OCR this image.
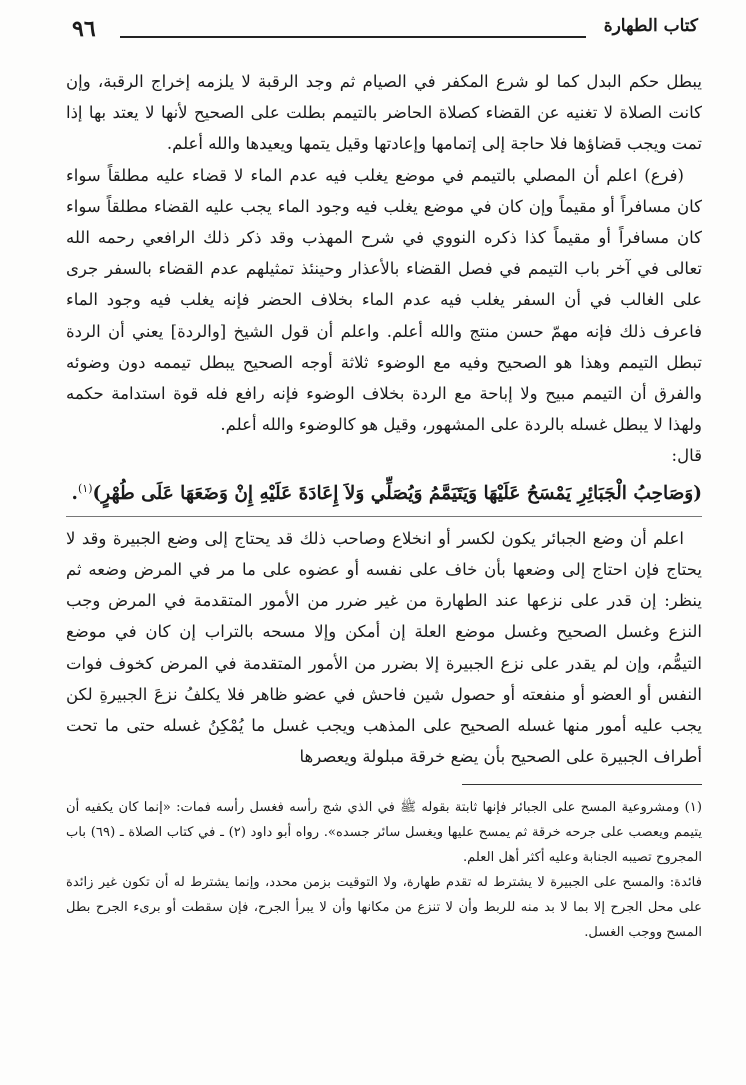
كتاب الطهارة
٩٦

يبطل حكم البدل كما لو شرع المكفر في الصيام ثم وجد الرقبة لا يلزمه إخراج الرقبة، وإن كانت الصلاة لا تغنيه عن القضاء كصلاة الحاضر بالتيمم بطلت على الصحيح لأنها لا يعتد بها إذا تمت ويجب قضاؤها فلا حاجة إلى إتمامها وإعادتها وقيل يتمها ويعيدها والله أعلم.

(فرع) اعلم أن المصلي بالتيمم في موضع يغلب فيه عدم الماء لا قضاء عليه مطلقاً سواء كان مسافراً أو مقيماً وإن كان في موضع يغلب فيه وجود الماء يجب عليه القضاء مطلقاً سواء كان مسافراً أو مقيماً كذا ذكره النووي في شرح المهذب وقد ذكر ذلك الرافعي رحمه الله تعالى في آخر باب التيمم في فصل القضاء بالأعذار وحينئذ تمثيلهم عدم القضاء بالسفر جرى على الغالب في أن السفر يغلب فيه عدم الماء بخلاف الحضر فإنه يغلب فيه وجود الماء فاعرف ذلك فإنه مهمّ حسن منتج والله أعلم. واعلم أن قول الشيخ [والردة] يعني أن الردة تبطل التيمم وهذا هو الصحيح وفيه مع الوضوء ثلاثة أوجه الصحيح يبطل تيممه دون وضوئه والفرق أن التيمم مبيح ولا إباحة مع الردة بخلاف الوضوء فإنه رافع فله قوة استدامة حكمه ولهذا لا يبطل غسله بالردة على المشهور، وقيل هو كالوضوء والله أعلم.

قال:

(وَصَاحِبُ الْجَبَائِرِ يَمْسَحُ عَلَيْهَا وَيَتَيَمَّمُ وَيُصَلِّي وَلاَ إِعَادَةَ عَلَيْهِ إِنْ وَضَعَهَا عَلَى طُهْرٍ)$^{(١)}$.

اعلم أن وضع الجبائر يكون لكسر أو انخلاع وصاحب ذلك قد يحتاج إلى وضع الجبيرة وقد لا يحتاج فإن احتاج إلى وضعها بأن خاف على نفسه أو عضوه على ما مر في المرض وضعه ثم ينظر: إن قدر على نزعها عند الطهارة من غير ضرر من الأمور المتقدمة في المرض وجب النزع وغسل الصحيح وغسل موضع العلة إن أمكن وإلا مسحه بالتراب إن كان في موضع التيمُّم، وإن لم يقدر على نزع الجبيرة إلا بضرر من الأمور المتقدمة في المرض كخوف فوات النفس أو العضو أو منفعته أو حصول شين فاحش في عضو ظاهر فلا يكلفُ نزعَ الجبيرةِ لكن يجب عليه أمور منها غسله الصحيح على المذهب ويجب غسل ما يُمْكِنُ غسله حتى ما تحت أطراف الجبيرة على الصحيح بأن يضع خرقة مبلولة ويعصرها

(١) ومشروعية المسح على الجبائر فإنها ثابتة بقوله ﷺ في الذي شج رأسه فغسل رأسه فمات: «إنما كان يكفيه أن يتيمم ويعصب على جرحه خرقة ثم يمسح عليها ويغسل سائر جسده». رواه أبو داود (٢) ـ في كتاب الصلاة ـ (٦٩) باب المجروح تصيبه الجنابة وعليه أكثر أهل العلم.

فائدة: والمسح على الجبيرة لا يشترط له تقدم طهارة، ولا التوقيت بزمن محدد، وإنما يشترط له أن تكون غير زائدة على محل الجرح إلا بما لا بد منه للربط وأن لا تنزع من مكانها وأن لا يبرأ الجرح، فإن سقطت أو برىء الجرح بطل المسح ووجب الغسل.
